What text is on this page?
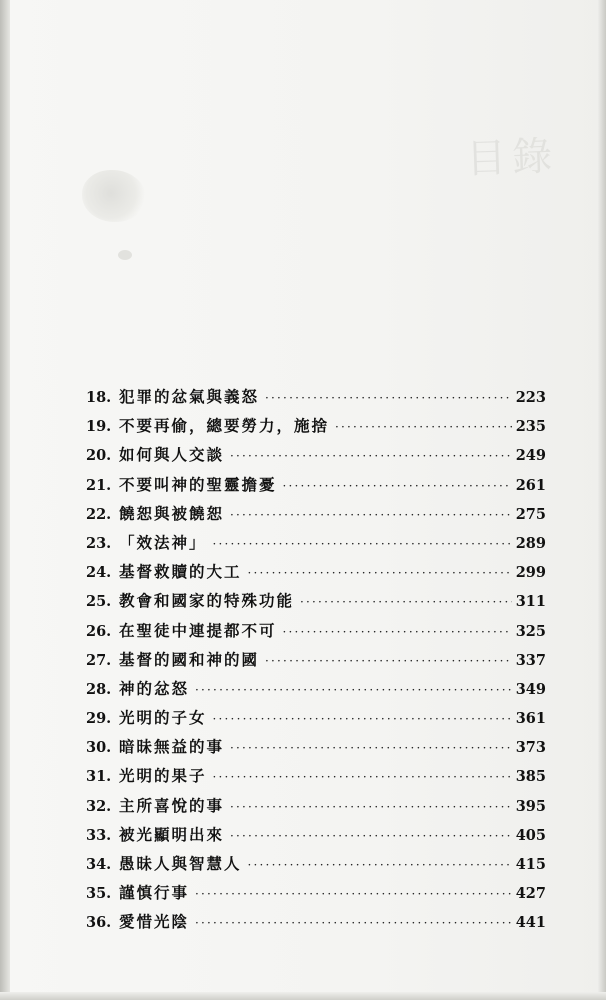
目錄
18. 犯罪的忿氣與義怒 ·····	223
19. 不要再偷，總要勞力，施捨 ·····	235
20. 如何與人交談 ·····	249
21. 不要叫神的聖靈擔憂 ·····	261
22. 饒恕與被饒恕 ·····	275
23. 「效法神」 ·····	289
24. 基督救贖的大工 ·····	299
25. 教會和國家的特殊功能 ·····	311
26. 在聖徒中連提都不可 ·····	325
27. 基督的國和神的國 ·····	337
28. 神的忿怒 ·····	349
29. 光明的子女 ·····	361
30. 暗昧無益的事 ·····	373
31. 光明的果子 ·····	385
32. 主所喜悅的事 ·····	395
33. 被光顯明出來 ·····	405
34. 愚昧人與智慧人 ·····	415
35. 謹慎行事 ·····	427
36. 愛惜光陰 ·····	441
